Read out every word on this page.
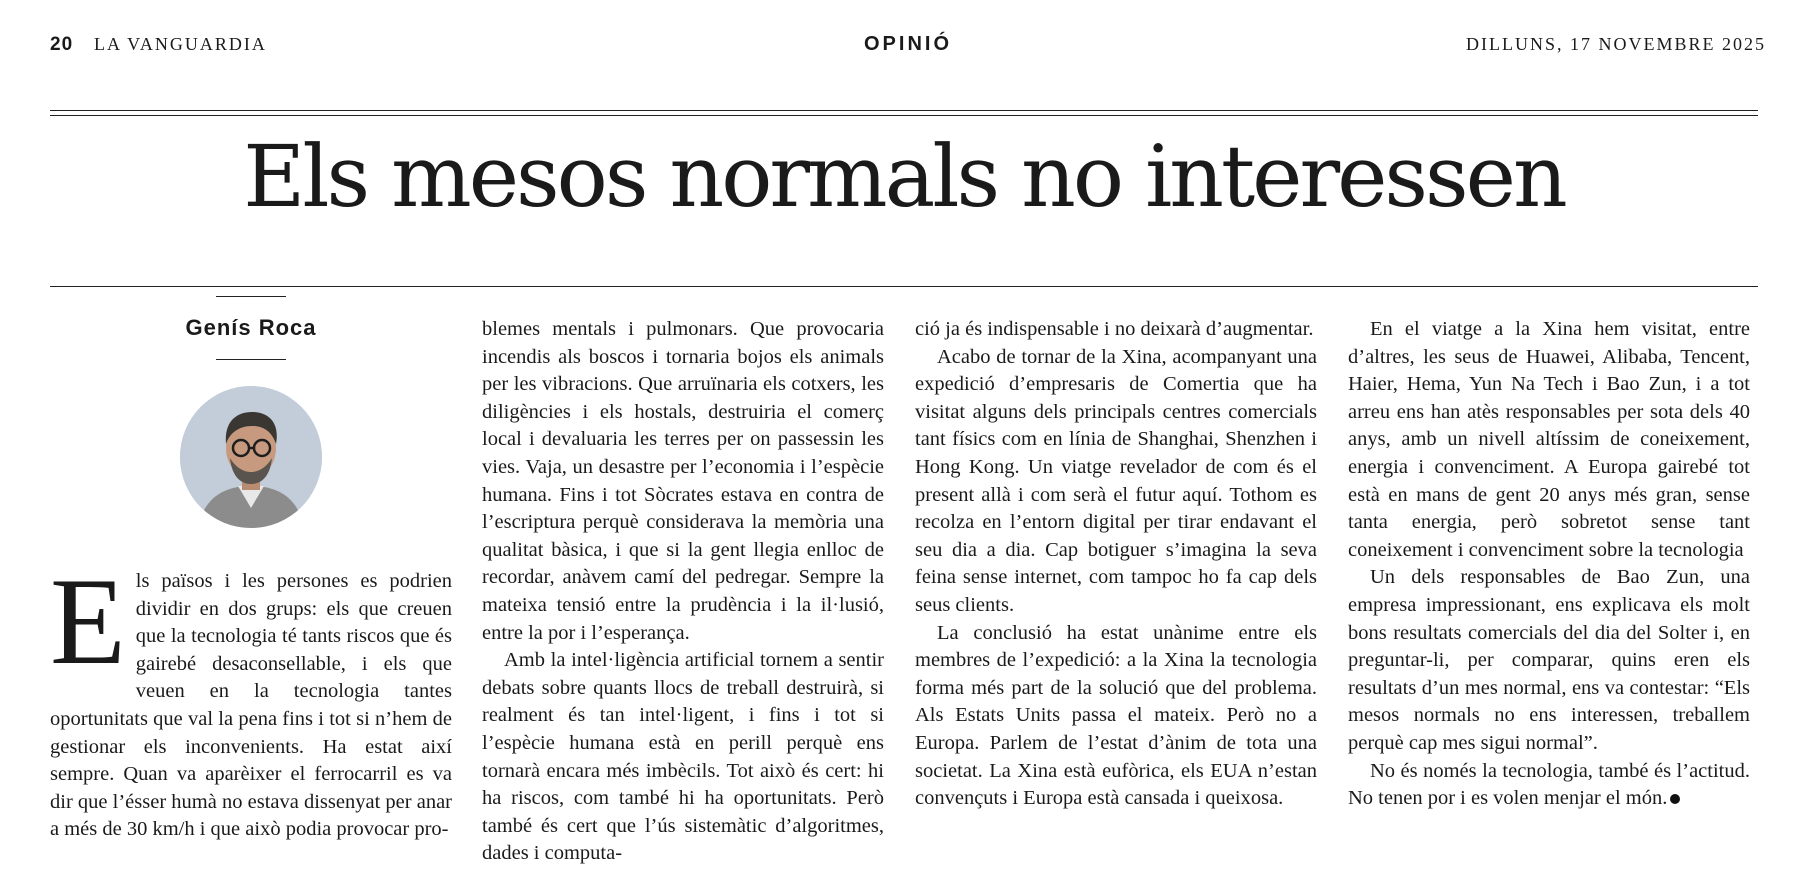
20 LA VANGUARDIA	OPINIÓ	DILLUNS, 17 NOVEMBRE 2025
Els mesos normals no interessen
Genís Roca
E ls països i les persones es podrien dividir en dos grups: els que creuen que la tecnologia té tants riscos que és gairebé desaconsellable, i els que veuen en la tecnologia tantes oportunitats que val la pena fins i tot si n’hem de gestionar els inconvenients. Ha estat així sempre. Quan va aparèixer el ferrocarril es va dir que l’ésser humà no estava dissenyat per anar a més de 30 km/h i que això podia provocar pro-

blemes mentals i pulmonars. Que provocaria incendis als boscos i tornaria bojos els animals per les vibracions. Que arruïnaria els cotxers, les diligències i els hostals, destruiria el comerç local i devaluaria les terres per on passessin les vies. Vaja, un desastre per l’economia i l’espècie humana. Fins i tot Sòcrates estava en contra de l’escriptura perquè considerava la memòria una qualitat bàsica, i que si la gent llegia enlloc de recordar, anàvem camí del pedregar. Sempre la mateixa tensió entre la prudència i la il·lusió, entre la por i l’esperança.

Amb la intel·ligència artificial tornem a sentir debats sobre quants llocs de treball destruirà, si realment és tan intel·ligent, i fins i tot si l’espècie humana està en perill perquè ens tornarà encara més imbècils. Tot això és cert: hi ha riscos, com també hi ha oportunitats. Però també és cert que l’ús sistemàtic d’algoritmes, dades i computa-

ció ja és indispensable i no deixarà d’augmentar.

Acabo de tornar de la Xina, acompanyant una expedició d’empresaris de Comertia que ha visitat alguns dels principals centres comercials tant físics com en línia de Shanghai, Shenzhen i Hong Kong. Un viatge revelador de com és el present allà i com serà el futur aquí. Tothom es recolza en l’entorn digital per tirar endavant el seu dia a dia. Cap botiguer s’imagina la seva feina sense internet, com tampoc ho fa cap dels seus clients.

La conclusió ha estat unànime entre els membres de l’expedició: a la Xina la tecnologia forma més part de la solució que del problema. Als Estats Units passa el mateix. Però no a Europa. Parlem de l’estat d’ànim de tota una societat. La Xina està eufòrica, els EUA n’estan convençuts i Europa està cansada i queixosa.

En el viatge a la Xina hem visitat, entre d’altres, les seus de Huawei, Alibaba, Tencent, Haier, Hema, Yun Na Tech i Bao Zun, i a tot arreu ens han atès responsables per sota dels 40 anys, amb un nivell altíssim de coneixement, energia i convenciment. A Europa gairebé tot està en mans de gent 20 anys més gran, sense tanta energia, però sobretot sense tant coneixement i convenciment sobre la tecnologia

Un dels responsables de Bao Zun, una empresa impressionant, ens explicava els molt bons resultats comercials del dia del Solter i, en preguntar-li, per comparar, quins eren els resultats d’un mes normal, ens va contestar: “Els mesos normals no ens interessen, treballem perquè cap mes sigui normal”.

No és només la tecnologia, també és l’actitud. No tenen por i es volen menjar el món.
